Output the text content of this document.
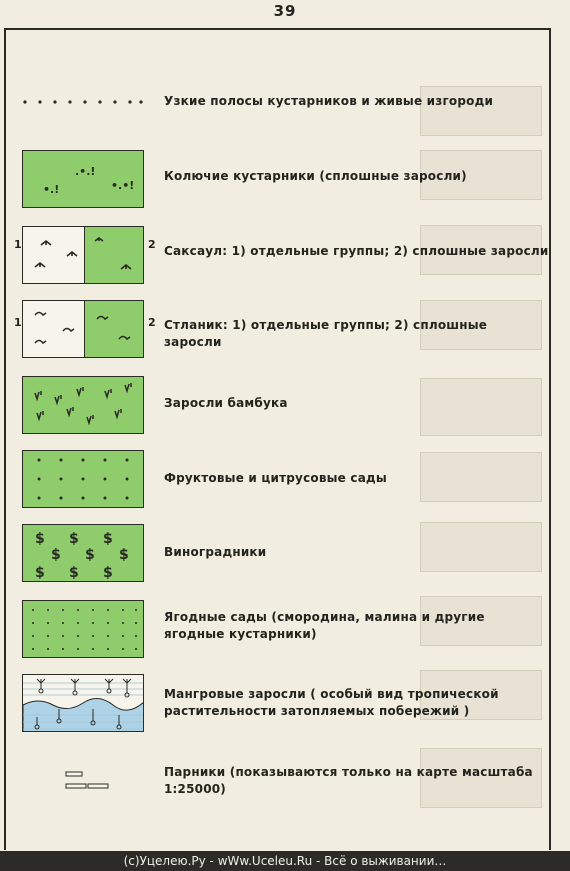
39
Узкие полосы кустарников и живые изгороди
.•.!
•.!	•.•!
Колючие кустарники (сплошные заросли)
1	2 Саксаул: 1) отдельные группы; 2) сплошные заросли
1	2 Стланик: 1) отдельные группы; 2) сплошные заросли
Заросли бамбука
Фруктовые и цитрусовые сады
$ $ $
$ $ $
$ $ $
Виноградники
Ягодные сады (смородина, малина и другие ягодные кустарники)
Мангровые заросли ( особый вид тропической растительности затопляемых побережий )
Парники (показываются только на карте масштаба 1:25000)
(с)Уцелею.Ру - wWw.Uceleu.Ru - Всё о выживании…
